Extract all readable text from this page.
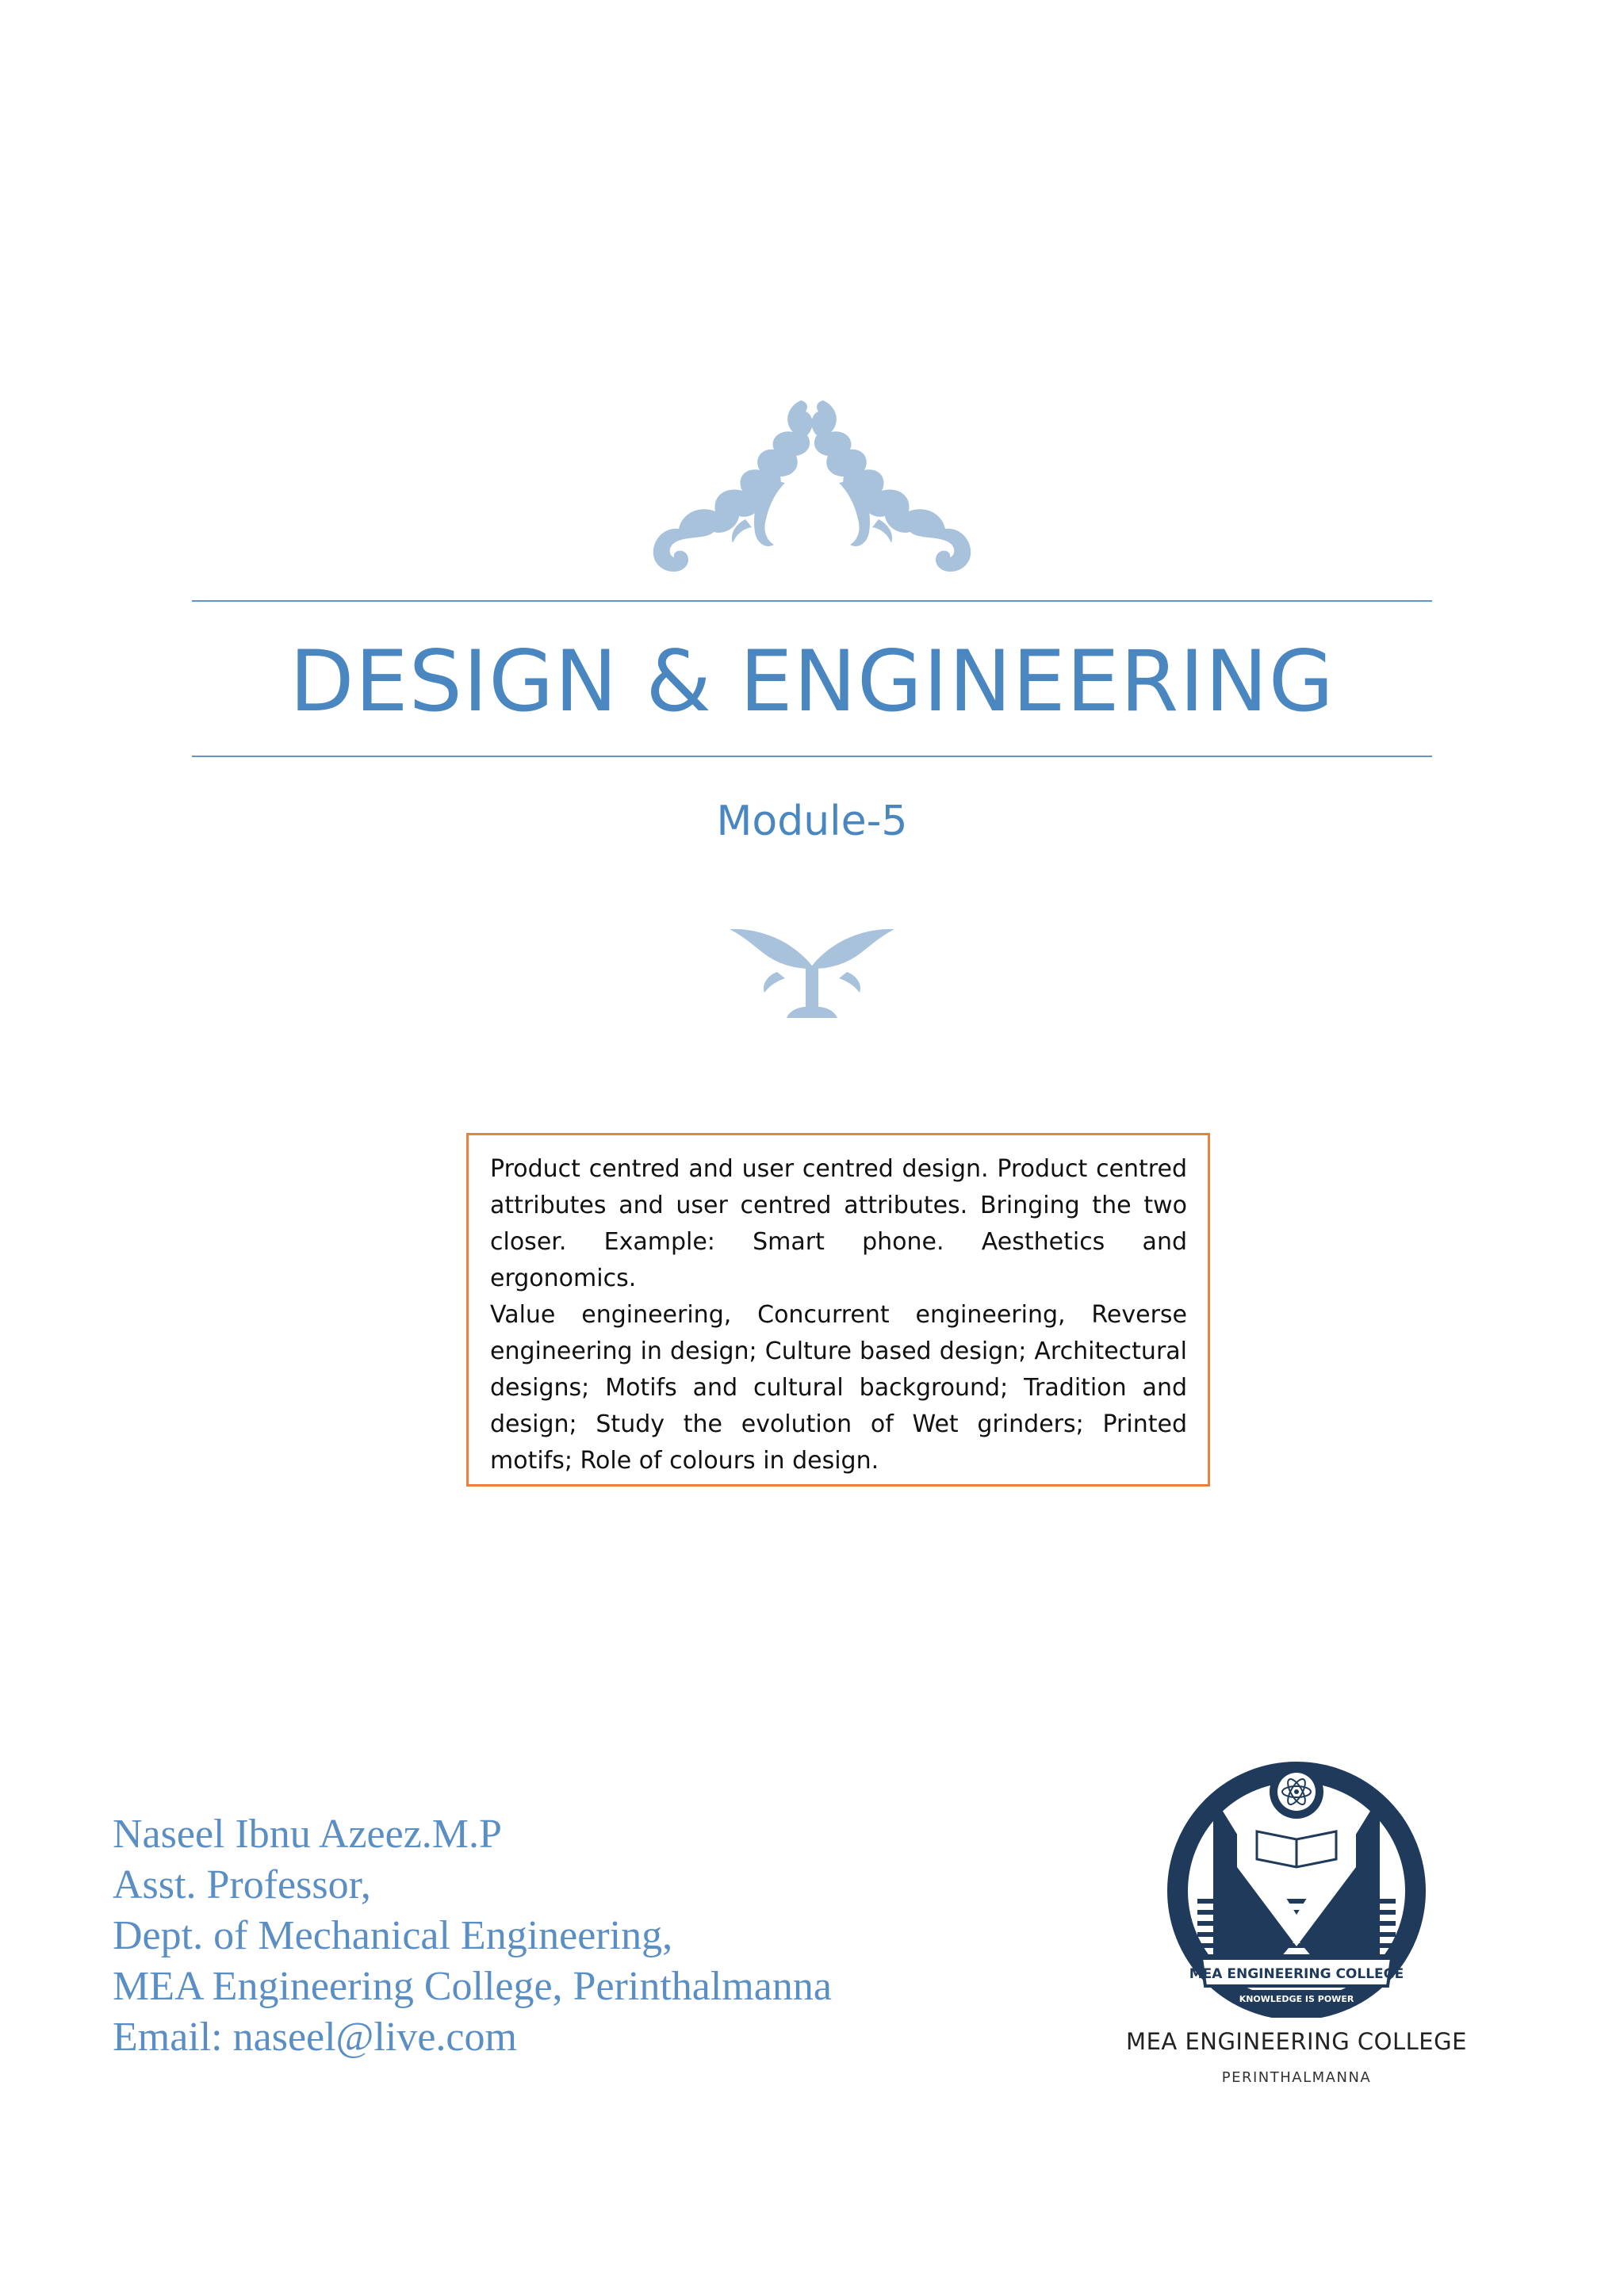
DESIGN & ENGINEERING
Module-5

Product centred and user centred design. Product centred attributes and user centred attributes. Bringing the two closer. Example: Smart phone. Aesthetics and ergonomics.

Value engineering, Concurrent engineering, Reverse engineering in design; Culture based design; Architectural designs; Motifs and cultural background; Tradition and design; Study the evolution of Wet grinders; Printed motifs; Role of colours in design.

Naseel Ibnu Azeez.M.P
Asst. Professor,
Dept. of Mechanical Engineering,
MEA Engineering College, Perinthalmanna
Email: naseel@live.com
MEA ENGINEERING COLLEGE
KNOWLEDGE IS POWER
MEA ENGINEERING COLLEGE
PERINTHALMANNA
